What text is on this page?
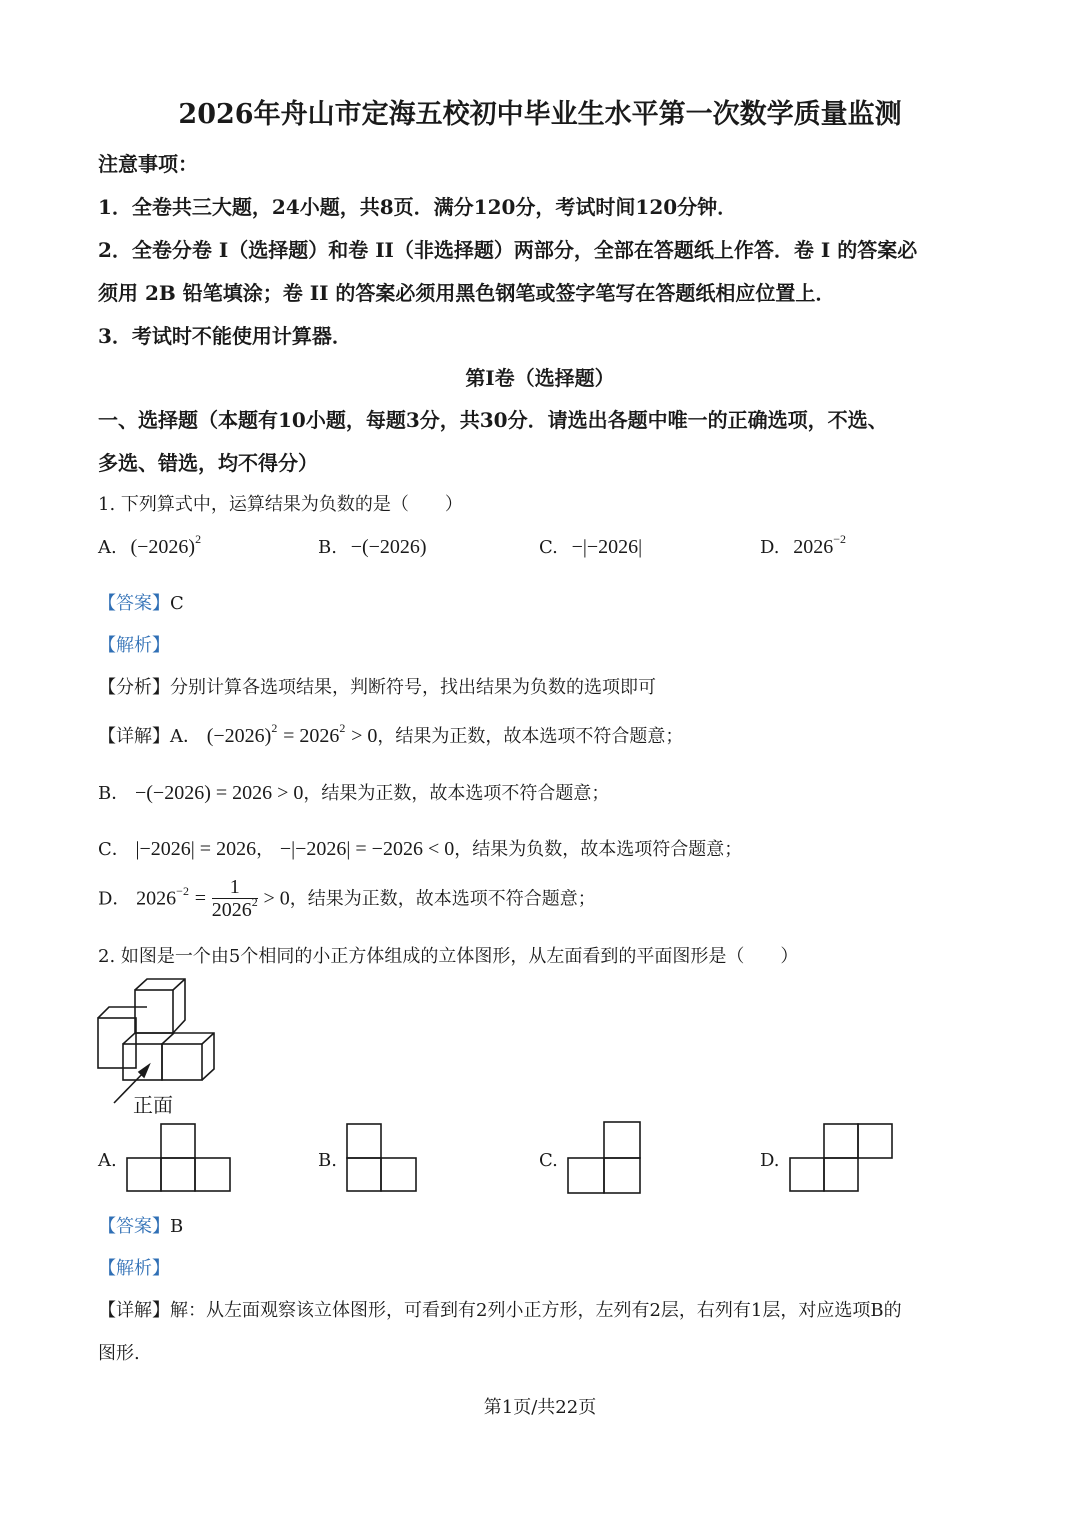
2026年舟山市定海五校初中毕业生水平第一次数学质量监测
注意事项：
1．全卷共三大题，24小题，共8页．满分120分，考试时间120分钟．
2．全卷分卷 I（选择题）和卷 II（非选择题）两部分，全部在答题纸上作答．卷 I 的答案必
须用 2B 铅笔填涂；卷 II 的答案必须用黑色钢笔或签字笔写在答题纸相应位置上．
3．考试时不能使用计算器．
第I卷（选择题）
一、选择题（本题有10小题，每题3分，共30分．请选出各题中唯一的正确选项，不选、
多选、错选，均不得分）
1. 下列算式中，运算结果为负数的是（　　）
A. $(-2026)^2$	B. −(−2026)	C. −|−2026|	D. $2026^{-2}$
【答案】C
【解析】
【分析】分别计算各选项结果，判断符号，找出结果为负数的选项即可
【详解】A． $(-2026)^2 = 2026^2 > 0$，结果为正数，故本选项不符合题意；
B． −(−2026) = 2026 > 0，结果为正数，故本选项不符合题意；
C． |−2026| = 2026， −|−2026| = −2026 < 0，结果为负数，故本选项符合题意；
D． $2026^{-2} = \frac{1}{2026^2} > 0$，结果为正数，故本选项不符合题意；
2. 如图是一个由5个相同的小正方体组成的立体图形，从左面看到的平面图形是（　　）
正面
A.	B.	C.	D.
【答案】B
【解析】
【详解】解：从左面观察该立体图形，可看到有2列小正方形，左列有2层，右列有1层，对应选项B的
图形.
第1页/共22页
